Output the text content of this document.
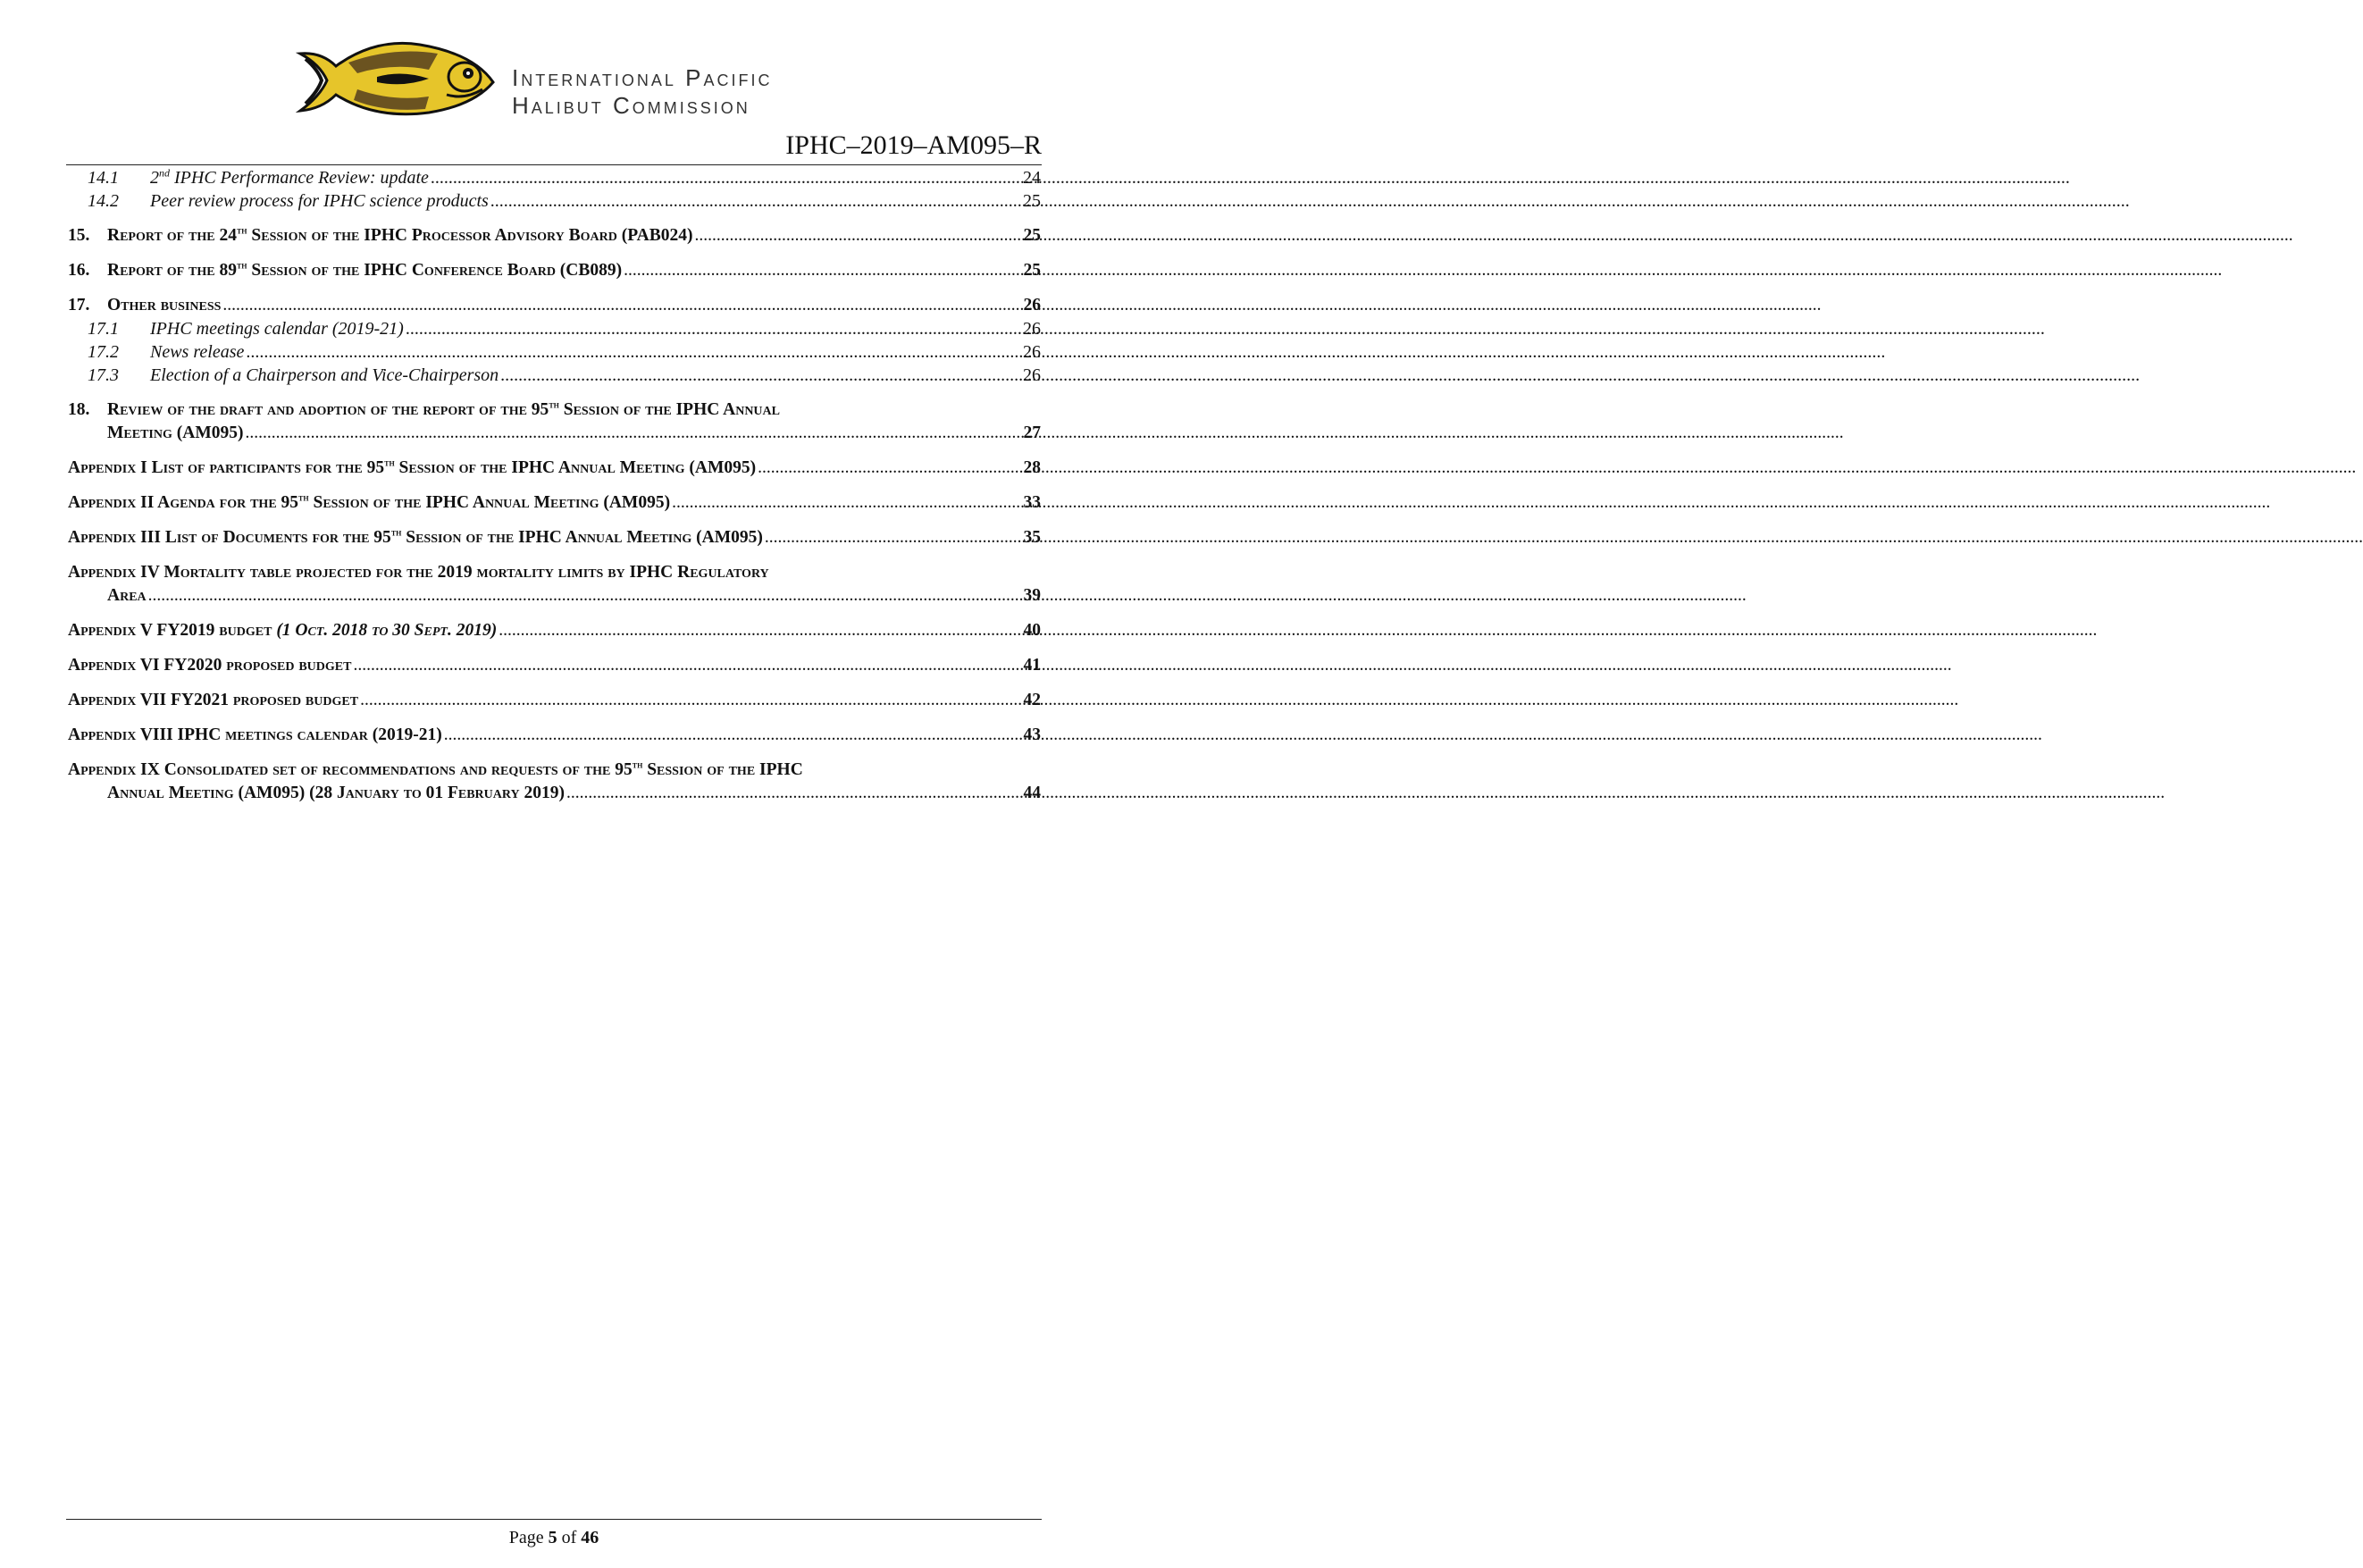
International Pacific
Halibut Commission
IPHC–2019–AM095–R
14.1 2nd IPHC Performance Review: update .....	24
14.2 Peer review process for IPHC science products .....	25
15. Report of the 24th Session of the IPHC Processor Advisory Board (PAB024) .....	25
16. Report of the 89th Session of the IPHC Conference Board (CB089) .....	25
17. Other business .....	26
17.1 IPHC meetings calendar (2019-21) .....	26
17.2 News release .....	26
17.3 Election of a Chairperson and Vice-Chairperson .....	26
18. Review of the draft and adoption of the report of the 95th Session of the IPHC Annual
Meeting (AM095) .....	27
Appendix I List of participants for the 95th Session of the IPHC Annual Meeting (AM095) .....	28
Appendix II Agenda for the 95th Session of the IPHC Annual Meeting (AM095) .....	33
Appendix III List of Documents for the 95th Session of the IPHC Annual Meeting (AM095) .....	35
Appendix IV Mortality table projected for the 2019 mortality limits by IPHC Regulatory
Area .....	39
Appendix V FY2019 budget (1 Oct. 2018 to 30 Sept. 2019) .....	40
Appendix VI FY2020 proposed budget .....	41
Appendix VII FY2021 proposed budget .....	42
Appendix VIII IPHC meetings calendar (2019-21) .....	43
Appendix IX Consolidated set of recommendations and requests of the 95th Session of the IPHC
Annual Meeting (AM095) (28 January to 01 February 2019) .....	44
Page 5 of 46
